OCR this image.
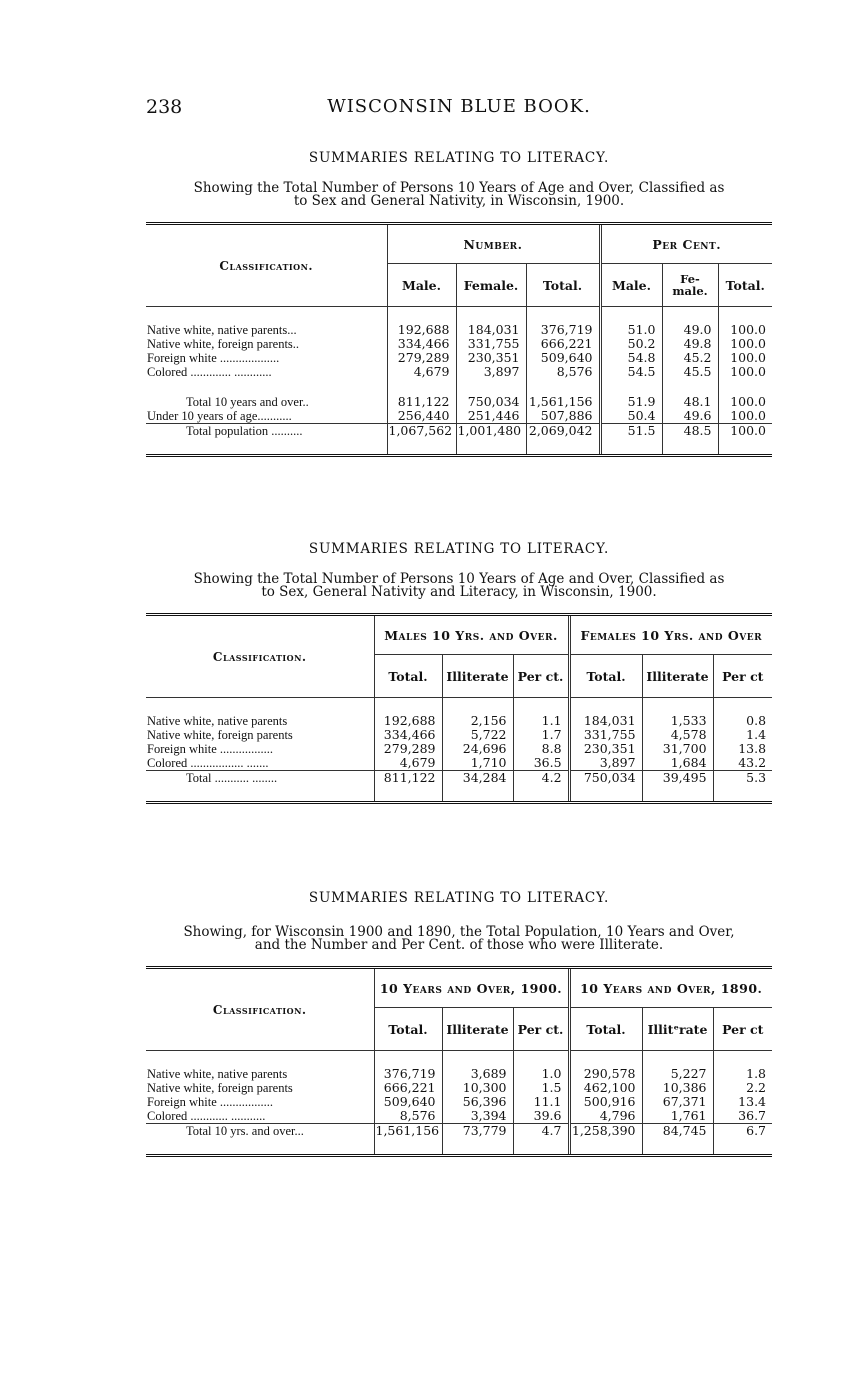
238	WISCONSIN BLUE BOOK.

SUMMARIES RELATING TO LITERACY.

Showing the Total Number of Persons 10 Years of Age and Over, Classified as
to Sex and General Nativity, in Wisconsin, 1900.

Classification.	Number.			Per Cent.		
	Male.	Female.	Total.	Male.	Fe-male.	Total.

Native white, native parents...	192,688	184,031	376,719	51.0	49.0	100.0
Native white, foreign parents..	334,466	331,755	666,221	50.2	49.8	100.0
Foreign white ...................	279,289	230,351	509,640	54.8	45.2	100.0
Colored ............. ............	4,679	3,897	8,576	54.5	45.5	100.0

Total 10 years and over..	811,122	750,034	1,561,156	51.9	48.1	100.0
Under 10 years of age...........	256,440	251,446	507,886	50.4	49.6	100.0
Total population ..........	1,067,562	1,001,480	2,069,042	51.5	48.5	100.0

SUMMARIES RELATING TO LITERACY.

Showing the Total Number of Persons 10 Years of Age and Over, Classified as
to Sex, General Nativity and Literacy, in Wisconsin, 1900.

Classification.	Males 10 Yrs. and Over.			Females 10 Yrs. and Over		
	Total.	Illiterate	Per ct.	Total.	Illiterate	Per ct

Native white, native parents	192,688	2,156	1.1	184,031	1,533	0.8
Native white, foreign parents	334,466	5,722	1.7	331,755	4,578	1.4
Foreign white .................	279,289	24,696	8.8	230,351	31,700	13.8
Colored ................. .......	4,679	1,710	36.5	3,897	1,684	43.2
Total ........... ........	811,122	34,284	4.2	750,034	39,495	5.3

SUMMARIES RELATING TO LITERACY.

Showing, for Wisconsin 1900 and 1890, the Total Population, 10 Years and Over,
and the Number and Per Cent. of those who were Illiterate.

Classification.	10 Years and Over, 1900.			10 Years and Over, 1890.		
	Total.	Illiterate	Per ct.	Total.	Illitᵉrate	Per ct

Native white, native parents	376,719	3,689	1.0	290,578	5,227	1.8
Native white, foreign parents	666,221	10,300	1.5	462,100	10,386	2.2
Foreign white .................	509,640	56,396	11.1	500,916	67,371	13.4
Colored ............ ...........	8,576	3,394	39.6	4,796	1,761	36.7
Total 10 yrs. and over...	1,561,156	73,779	4.7	1,258,390	84,745	6.7
